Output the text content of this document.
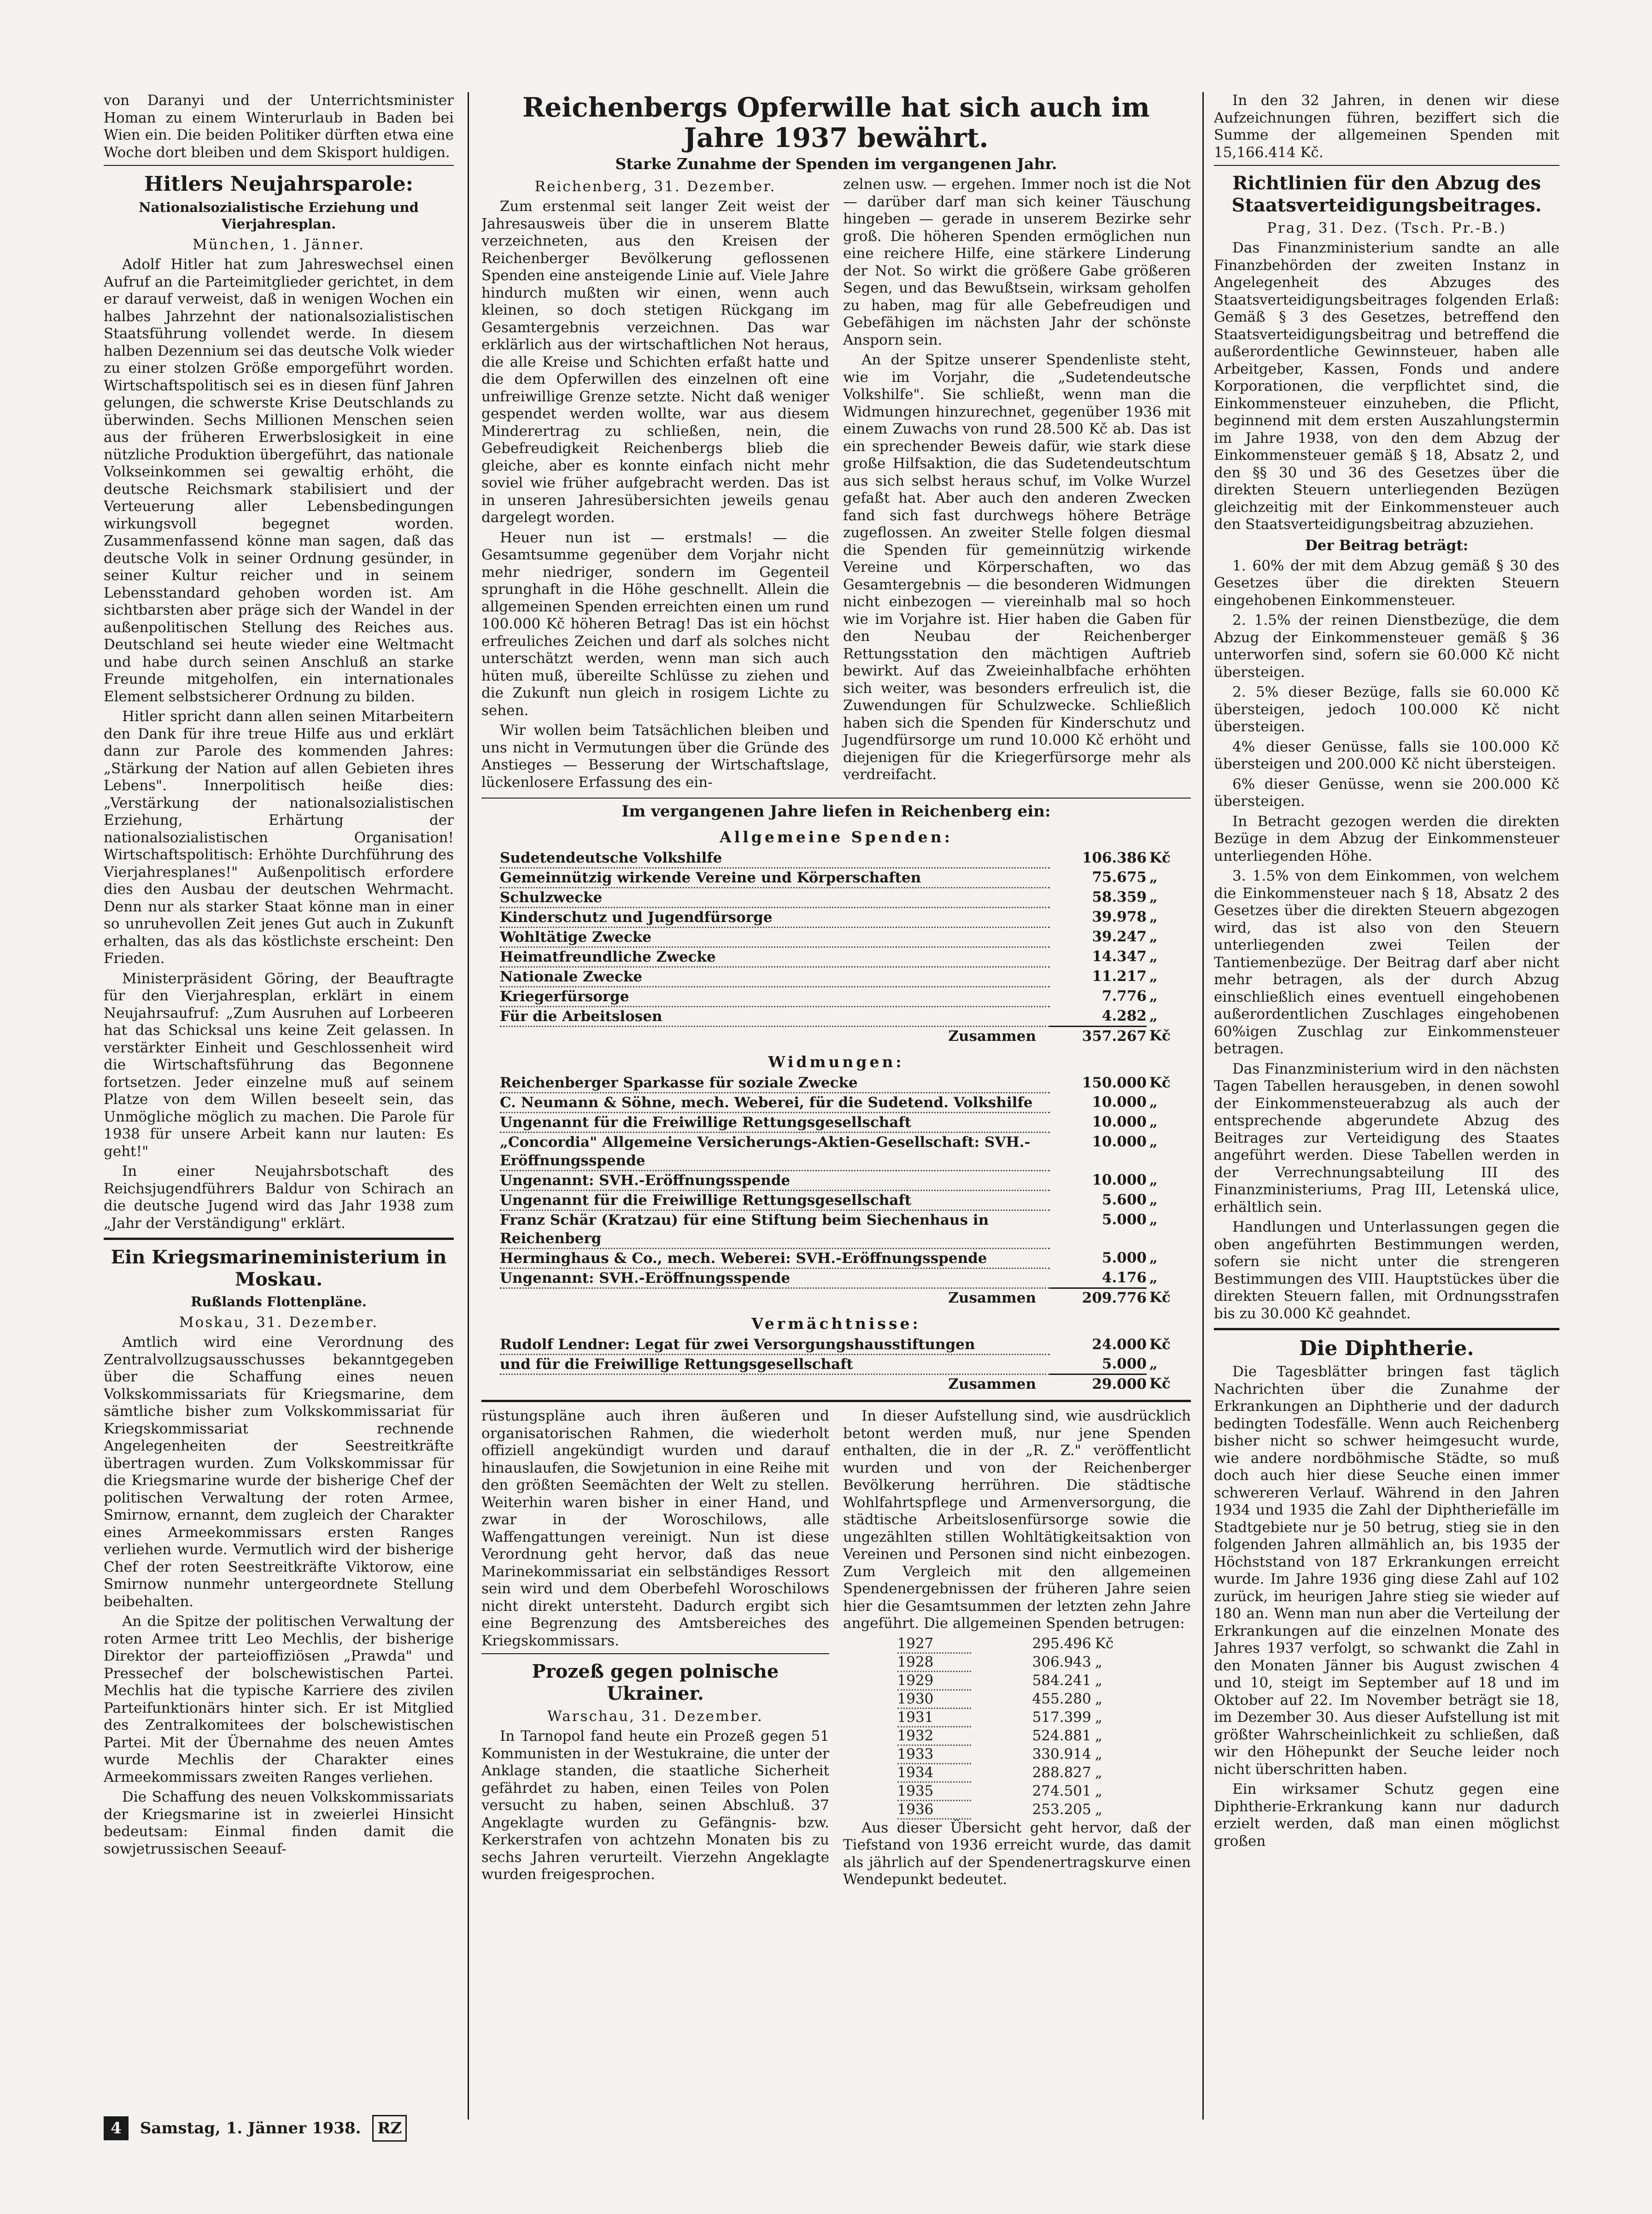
von Daranyi und der Unterrichtsminister Homan zu einem Winterurlaub in Baden bei Wien ein. Die beiden Politiker dürften etwa eine Woche dort bleiben und dem Skisport huldigen.

Hitlers Neujahrsparole:
Nationalsozialistische Erziehung und Vierjahresplan.
München, 1. Jänner.

Adolf Hitler hat zum Jahreswechsel einen Aufruf an die Parteimitglieder gerichtet, in dem er darauf verweist, daß in wenigen Wochen ein halbes Jahrzehnt der nationalsozialistischen Staatsführung vollendet werde. In diesem halben Dezennium sei das deutsche Volk wieder zu einer stolzen Größe emporgeführt worden. Wirtschaftspolitisch sei es in diesen fünf Jahren gelungen, die schwerste Krise Deutschlands zu überwinden. Sechs Millionen Menschen seien aus der früheren Erwerbslosigkeit in eine nützliche Produktion übergeführt, das nationale Volkseinkommen sei gewaltig erhöht, die deutsche Reichsmark stabilisiert und der Verteuerung aller Lebensbedingungen wirkungsvoll begegnet worden. Zusammenfassend könne man sagen, daß das deutsche Volk in seiner Ordnung gesünder, in seiner Kultur reicher und in seinem Lebensstandard gehoben worden ist. Am sichtbarsten aber präge sich der Wandel in der außenpolitischen Stellung des Reiches aus. Deutschland sei heute wieder eine Weltmacht und habe durch seinen Anschluß an starke Freunde mitgeholfen, ein internationales Element selbstsicherer Ordnung zu bilden.

Hitler spricht dann allen seinen Mitarbeitern den Dank für ihre treue Hilfe aus und erklärt dann zur Parole des kommenden Jahres: „Stärkung der Nation auf allen Gebieten ihres Lebens". Innerpolitisch heiße dies: „Verstärkung der nationalsozialistischen Erziehung, Erhärtung der nationalsozialistischen Organisation! Wirtschaftspolitisch: Erhöhte Durchführung des Vierjahresplanes!" Außenpolitisch erfordere dies den Ausbau der deutschen Wehrmacht. Denn nur als starker Staat könne man in einer so unruhevollen Zeit jenes Gut auch in Zukunft erhalten, das als das köstlichste erscheint: Den Frieden.

Ministerpräsident Göring, der Beauftragte für den Vierjahresplan, erklärt in einem Neujahrsaufruf: „Zum Ausruhen auf Lorbeeren hat das Schicksal uns keine Zeit gelassen. In verstärkter Einheit und Geschlossenheit wird die Wirtschaftsführung das Begonnene fortsetzen. Jeder einzelne muß auf seinem Platze von dem Willen beseelt sein, das Unmögliche möglich zu machen. Die Parole für 1938 für unsere Arbeit kann nur lauten: Es geht!"

In einer Neujahrsbotschaft des Reichsjugendführers Baldur von Schirach an die deutsche Jugend wird das Jahr 1938 zum „Jahr der Verständigung" erklärt.

Ein Kriegsmarineministerium in Moskau.
Rußlands Flottenpläne.
Moskau, 31. Dezember.

Amtlich wird eine Verordnung des Zentralvollzugsausschusses bekanntgegeben über die Schaffung eines neuen Volkskommissariats für Kriegsmarine, dem sämtliche bisher zum Volkskommissariat für Kriegskommissariat rechnende Angelegenheiten der Seestreitkräfte übertragen wurden. Zum Volkskommissar für die Kriegsmarine wurde der bisherige Chef der politischen Verwaltung der roten Armee, Smirnow, ernannt, dem zugleich der Charakter eines Armeekommissars ersten Ranges verliehen wurde. Vermutlich wird der bisherige Chef der roten Seestreitkräfte Viktorow, eine Smirnow nunmehr untergeordnete Stellung beibehalten.

An die Spitze der politischen Verwaltung der roten Armee tritt Leo Mechlis, der bisherige Direktor der parteioffiziösen „Prawda" und Pressechef der bolschewistischen Partei. Mechlis hat die typische Karriere des zivilen Parteifunktionärs hinter sich. Er ist Mitglied des Zentralkomitees der bolschewistischen Partei. Mit der Übernahme des neuen Amtes wurde Mechlis der Charakter eines Armeekommissars zweiten Ranges verliehen.

Die Schaffung des neuen Volkskommissariats der Kriegsmarine ist in zweierlei Hinsicht bedeutsam: Einmal finden damit die sowjetrussischen Seeauf-

Reichenbergs Opferwille hat sich auch im Jahre 1937 bewährt.
Starke Zunahme der Spenden im vergangenen Jahr.
Reichenberg, 31. Dezember.

Zum erstenmal seit langer Zeit weist der Jahresausweis über die in unserem Blatte verzeichneten, aus den Kreisen der Reichenberger Bevölkerung geflossenen Spenden eine ansteigende Linie auf. Viele Jahre hindurch mußten wir einen, wenn auch kleinen, so doch stetigen Rückgang im Gesamtergebnis verzeichnen. Das war erklärlich aus der wirtschaftlichen Not heraus, die alle Kreise und Schichten erfaßt hatte und die dem Opferwillen des einzelnen oft eine unfreiwillige Grenze setzte. Nicht daß weniger gespendet werden wollte, war aus diesem Minderertrag zu schließen, nein, die Gebefreudigkeit Reichenbergs blieb die gleiche, aber es konnte einfach nicht mehr soviel wie früher aufgebracht werden. Das ist in unseren Jahresübersichten jeweils genau dargelegt worden.

Heuer nun ist — erstmals! — die Gesamtsumme gegenüber dem Vorjahr nicht mehr niedriger, sondern im Gegenteil sprunghaft in die Höhe geschnellt. Allein die allgemeinen Spenden erreichten einen um rund 100.000 Kč höheren Betrag! Das ist ein höchst erfreuliches Zeichen und darf als solches nicht unterschätzt werden, wenn man sich auch hüten muß, übereilte Schlüsse zu ziehen und die Zukunft nun gleich in rosigem Lichte zu sehen.

Wir wollen beim Tatsächlichen bleiben und uns nicht in Vermutungen über die Gründe des Anstieges — Besserung der Wirtschaftslage, lückenlosere Erfassung des ein-

zelnen usw. — ergehen. Immer noch ist die Not — darüber darf man sich keiner Täuschung hingeben — gerade in unserem Bezirke sehr groß. Die höheren Spenden ermöglichen nun eine reichere Hilfe, eine stärkere Linderung der Not. So wirkt die größere Gabe größeren Segen, und das Bewußtsein, wirksam geholfen zu haben, mag für alle Gebefreudigen und Gebefähigen im nächsten Jahr der schönste Ansporn sein.

An der Spitze unserer Spendenliste steht, wie im Vorjahr, die „Sudetendeutsche Volkshilfe". Sie schließt, wenn man die Widmungen hinzurechnet, gegenüber 1936 mit einem Zuwachs von rund 28.500 Kč ab. Das ist ein sprechender Beweis dafür, wie stark diese große Hilfsaktion, die das Sudetendeutschtum aus sich selbst heraus schuf, im Volke Wurzel gefaßt hat. Aber auch den anderen Zwecken fand sich fast durchwegs höhere Beträge zugeflossen. An zweiter Stelle folgen diesmal die Spenden für gemeinnützig wirkende Vereine und Körperschaften, wo das Gesamtergebnis — die besonderen Widmungen nicht einbezogen — viereinhalb mal so hoch wie im Vorjahre ist. Hier haben die Gaben für den Neubau der Reichenberger Rettungsstation den mächtigen Auftrieb bewirkt. Auf das Zweieinhalbfache erhöhten sich weiter, was besonders erfreulich ist, die Zuwendungen für Schulzwecke. Schließlich haben sich die Spenden für Kinderschutz und Jugendfürsorge um rund 10.000 Kč erhöht und diejenigen für die Kriegerfürsorge mehr als verdreifacht.

Im vergangenen Jahre liefen in Reichenberg ein:
Allgemeine Spenden:
Sudetendeutsche Volkshilfe	106.386	Kč
Gemeinnützig wirkende Vereine und Körperschaften	75.675	„
Schulzwecke	58.359	„
Kinderschutz und Jugendfürsorge	39.978	„
Wohltätige Zwecke	39.247	„
Heimatfreundliche Zwecke	14.347	„
Nationale Zwecke	11.217	„
Kriegerfürsorge	7.776	„
Für die Arbeitslosen	4.282	„
Zusammen	357.267	Kč
Widmungen:
Reichenberger Sparkasse für soziale Zwecke	150.000	Kč
C. Neumann & Söhne, mech. Weberei, für die Sudetend. Volkshilfe	10.000	„
Ungenannt für die Freiwillige Rettungsgesellschaft	10.000	„
„Concordia" Allgemeine Versicherungs-Aktien-Gesellschaft: SVH.-Eröffnungsspende	10.000	„
Ungenannt: SVH.-Eröffnungsspende	10.000	„
Ungenannt für die Freiwillige Rettungsgesellschaft	5.600	„
Franz Schär (Kratzau) für eine Stiftung beim Siechenhaus in Reichenberg	5.000	„
Herminghaus & Co., mech. Weberei: SVH.-Eröffnungsspende	5.000	„
Ungenannt: SVH.-Eröffnungsspende	4.176	„
Zusammen	209.776	Kč
Vermächtnisse:
Rudolf Lendner: Legat für zwei Versorgungshausstiftungen	24.000	Kč
und für die Freiwillige Rettungsgesellschaft	5.000	„
Zusammen	29.000	Kč

rüstungspläne auch ihren äußeren und organisatorischen Rahmen, die wiederholt offiziell angekündigt wurden und darauf hinauslaufen, die Sowjetunion in eine Reihe mit den größten Seemächten der Welt zu stellen. Weiterhin waren bisher in einer Hand, und zwar in der Woroschilows, alle Waffengattungen vereinigt. Nun ist diese Verordnung geht hervor, daß das neue Marinekommissariat ein selbständiges Ressort sein wird und dem Oberbefehl Woroschilows nicht direkt untersteht. Dadurch ergibt sich eine Begrenzung des Amtsbereiches des Kriegskommissars.

Prozeß gegen polnische Ukrainer.
Warschau, 31. Dezember.

In Tarnopol fand heute ein Prozeß gegen 51 Kommunisten in der Westukraine, die unter der Anklage standen, die staatliche Sicherheit gefährdet zu haben, einen Teiles von Polen versucht zu haben, seinen Abschluß. 37 Angeklagte wurden zu Gefängnis- bzw. Kerkerstrafen von achtzehn Monaten bis zu sechs Jahren verurteilt. Vierzehn Angeklagte wurden freigesprochen.

In dieser Aufstellung sind, wie ausdrücklich betont werden muß, nur jene Spenden enthalten, die in der „R. Z." veröffentlicht wurden und von der Reichenberger Bevölkerung herrühren. Die städtische Wohlfahrtspflege und Armenversorgung, die städtische Arbeitslosenfürsorge sowie die ungezählten stillen Wohltätigkeitsaktion von Vereinen und Personen sind nicht einbezogen. Zum Vergleich mit den allgemeinen Spendenergebnissen der früheren Jahre seien hier die Gesamtsummen der letzten zehn Jahre angeführt. Die allgemeinen Spenden betrugen:

1927	295.496	Kč
1928	306.943	„
1929	584.241	„
1930	455.280	„
1931	517.399	„
1932	524.881	„
1933	330.914	„
1934	288.827	„
1935	274.501	„
1936	253.205	„

Aus dieser Übersicht geht hervor, daß der Tiefstand von 1936 erreicht wurde, das damit als jährlich auf der Spendenertragskurve einen Wendepunkt bedeutet.

In den 32 Jahren, in denen wir diese Aufzeichnungen führen, beziffert sich die Summe der allgemeinen Spenden mit 15,166.414 Kč.

Richtlinien für den Abzug des Staatsverteidigungsbeitrages.
Prag, 31. Dez. (Tsch. Pr.-B.)

Das Finanzministerium sandte an alle Finanzbehörden der zweiten Instanz in Angelegenheit des Abzuges des Staatsverteidigungsbeitrages folgenden Erlaß: Gemäß § 3 des Gesetzes, betreffend den Staatsverteidigungsbeitrag und betreffend die außerordentliche Gewinnsteuer, haben alle Arbeitgeber, Kassen, Fonds und andere Korporationen, die verpflichtet sind, die Einkommensteuer einzuheben, die Pflicht, beginnend mit dem ersten Auszahlungstermin im Jahre 1938, von den dem Abzug der Einkommensteuer gemäß § 18, Absatz 2, und den §§ 30 und 36 des Gesetzes über die direkten Steuern unterliegenden Bezügen gleichzeitig mit der Einkommensteuer auch den Staatsverteidigungsbeitrag abzuziehen.

Der Beitrag beträgt:

1. 60% der mit dem Abzug gemäß § 30 des Gesetzes über die direkten Steuern eingehobenen Einkommensteuer.

2. 1.5% der reinen Dienstbezüge, die dem Abzug der Einkommensteuer gemäß § 36 unterworfen sind, sofern sie 60.000 Kč nicht übersteigen.

2. 5% dieser Bezüge, falls sie 60.000 Kč übersteigen, jedoch 100.000 Kč nicht übersteigen.

4% dieser Genüsse, falls sie 100.000 Kč übersteigen und 200.000 Kč nicht übersteigen.

6% dieser Genüsse, wenn sie 200.000 Kč übersteigen.

In Betracht gezogen werden die direkten Bezüge in dem Abzug der Einkommensteuer unterliegenden Höhe.

3. 1.5% von dem Einkommen, von welchem die Einkommensteuer nach § 18, Absatz 2 des Gesetzes über die direkten Steuern abgezogen wird, das ist also von den Steuern unterliegenden zwei Teilen der Tantiemenbezüge. Der Beitrag darf aber nicht mehr betragen, als der durch Abzug einschließlich eines eventuell eingehobenen außerordentlichen Zuschlages eingehobenen 60%igen Zuschlag zur Einkommensteuer betragen.

Das Finanzministerium wird in den nächsten Tagen Tabellen herausgeben, in denen sowohl der Einkommensteuerabzug als auch der entsprechende abgerundete Abzug des Beitrages zur Verteidigung des Staates angeführt werden. Diese Tabellen werden in der Verrechnungsabteilung III des Finanzministeriums, Prag III, Letenská ulice, erhältlich sein.

Handlungen und Unterlassungen gegen die oben angeführten Bestimmungen werden, sofern sie nicht unter die strengeren Bestimmungen des VIII. Hauptstückes über die direkten Steuern fallen, mit Ordnungsstrafen bis zu 30.000 Kč geahndet.

Die Diphtherie.

Die Tagesblätter bringen fast täglich Nachrichten über die Zunahme der Erkrankungen an Diphtherie und der dadurch bedingten Todesfälle. Wenn auch Reichenberg bisher nicht so schwer heimgesucht wurde, wie andere nordböhmische Städte, so muß doch auch hier diese Seuche einen immer schwereren Verlauf. Während in den Jahren 1934 und 1935 die Zahl der Diphtheriefälle im Stadtgebiete nur je 50 betrug, stieg sie in den folgenden Jahren allmählich an, bis 1935 der Höchststand von 187 Erkrankungen erreicht wurde. Im Jahre 1936 ging diese Zahl auf 102 zurück, im heurigen Jahre stieg sie wieder auf 180 an. Wenn man nun aber die Verteilung der Erkrankungen auf die einzelnen Monate des Jahres 1937 verfolgt, so schwankt die Zahl in den Monaten Jänner bis August zwischen 4 und 10, steigt im September auf 18 und im Oktober auf 22. Im November beträgt sie 18, im Dezember 30. Aus dieser Aufstellung ist mit größter Wahrscheinlichkeit zu schließen, daß wir den Höhepunkt der Seuche leider noch nicht überschritten haben.

Ein wirksamer Schutz gegen eine Diphtherie-Erkrankung kann nur dadurch erzielt werden, daß man einen möglichst großen

4 Samstag, 1. Jänner 1938. RZ
